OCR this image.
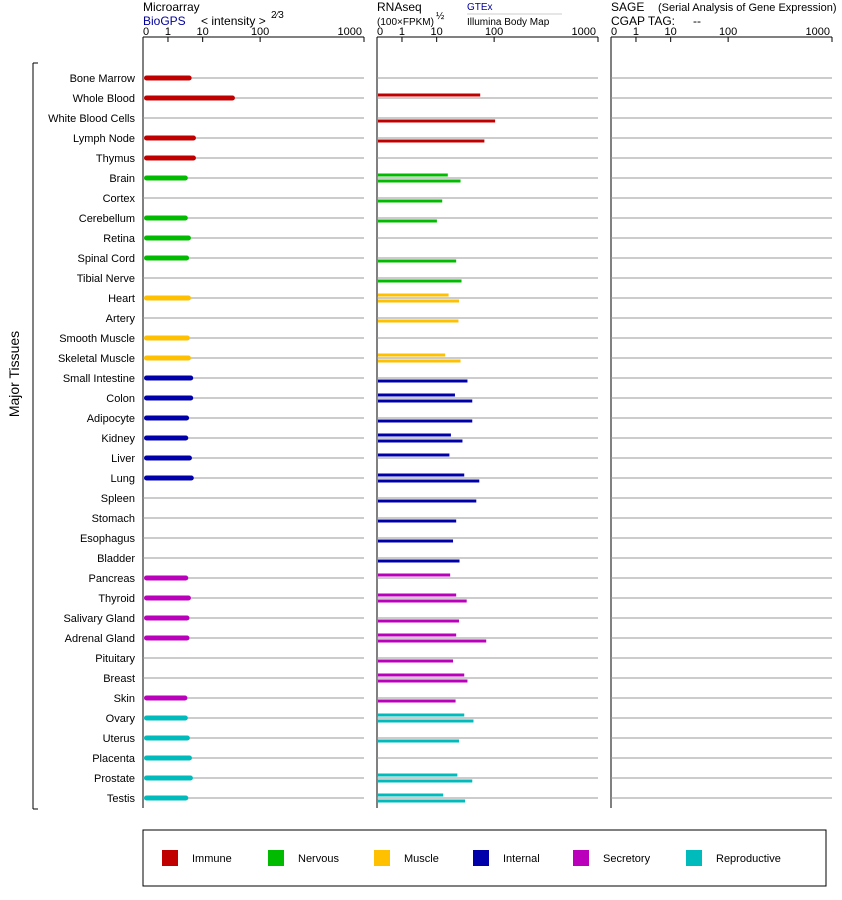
Microarray
BioGPS < intensity > 2⁄3
RNAseq
(100×FPKM)
½
GTEx
Illumina Body Map
SAGE (Serial Analysis of Gene Expression)
CGAP TAG: --
Major Tissues
Bone Marrow
Whole Blood
White Blood Cells
Lymph Node
Thymus
Brain
Cortex
Cerebellum
Retina
Spinal Cord
Tibial Nerve
Heart
Artery
Smooth Muscle
Skeletal Muscle
Small Intestine
Colon
Adipocyte
Kidney
Liver
Lung
Spleen
Stomach
Esophagus
Bladder
Pancreas
Thyroid
Salivary Gland
Adrenal Gland
Pituitary
Breast
Skin
Ovary
Uterus
Placenta
Prostate
Testis
0 1 10	100	1000 0 1 10	100	1000 0 1 10	100	1000
Immune	Nervous	Muscle	Internal	Secretory	Reproductive
